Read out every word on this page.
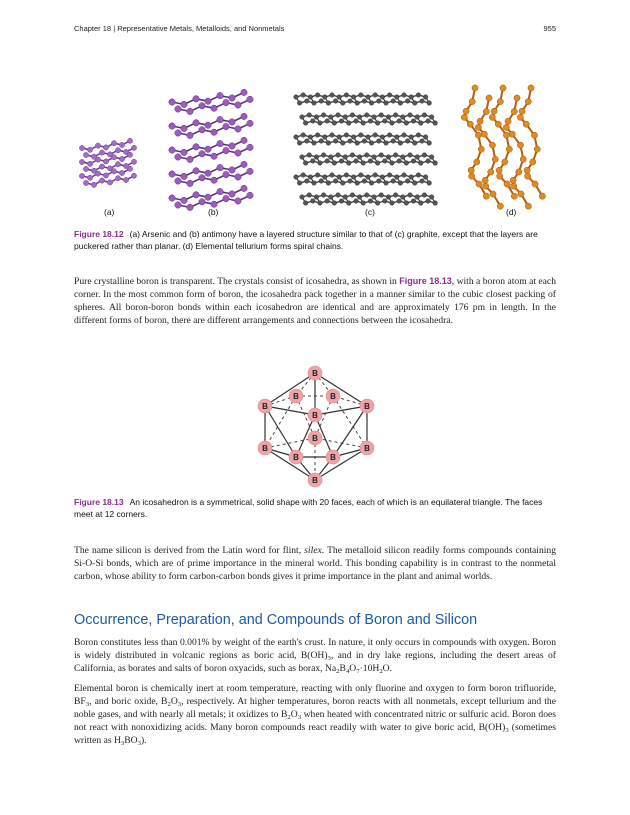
Chapter 18 | Representative Metals, Metalloids, and Nonmetals	955
(a)	(b)	(c)	(d)
Figure 18.12 (a) Arsenic and (b) antimony have a layered structure similar to that of (c) graphite, except that the layers are puckered rather than planar. (d) Elemental tellurium forms spiral chains.

Pure crystalline boron is transparent. The crystals consist of icosahedra, as shown in Figure 18.13, with a boron atom at each corner. In the most common form of boron, the icosahedra pack together in a manner similar to the cubic closest packing of spheres. All boron-boron bonds within each icosahedron are identical and are approximately 176 pm in length. In the different forms of boron, there are different arrangements and connections between the icosahedra.

B
B
B	B
B	B
B
B	B
B	B
B
Figure 18.13 An icosahedron is a symmetrical, solid shape with 20 faces, each of which is an equilateral triangle. The faces meet at 12 corners.

The name silicon is derived from the Latin word for flint, silex. The metalloid silicon readily forms compounds containing Si-O-Si bonds, which are of prime importance in the mineral world. This bonding capability is in contrast to the nonmetal carbon, whose ability to form carbon-carbon bonds gives it prime importance in the plant and animal worlds.

Occurrence, Preparation, and Compounds of Boron and Silicon

Boron constitutes less than 0.001% by weight of the earth's crust. In nature, it only occurs in compounds with oxygen. Boron is widely distributed in volcanic regions as boric acid, $B(OH)_3$, and in dry lake regions, including the desert areas of California, as borates and salts of boron oxyacids, such as borax, $Na_2B_4O_7\cdot 10H_2O$.

Elemental boron is chemically inert at room temperature, reacting with only fluorine and oxygen to form boron trifluoride, $BF_3$, and boric oxide, $B_2O_3$, respectively. At higher temperatures, boron reacts with all nonmetals, except tellurium and the noble gases, and with nearly all metals; it oxidizes to $B_2O_3$ when heated with concentrated nitric or sulfuric acid. Boron does not react with nonoxidizing acids. Many boron compounds react readily with water to give boric acid, $B(OH)_3$ (sometimes written as $H_3BO_3$).
